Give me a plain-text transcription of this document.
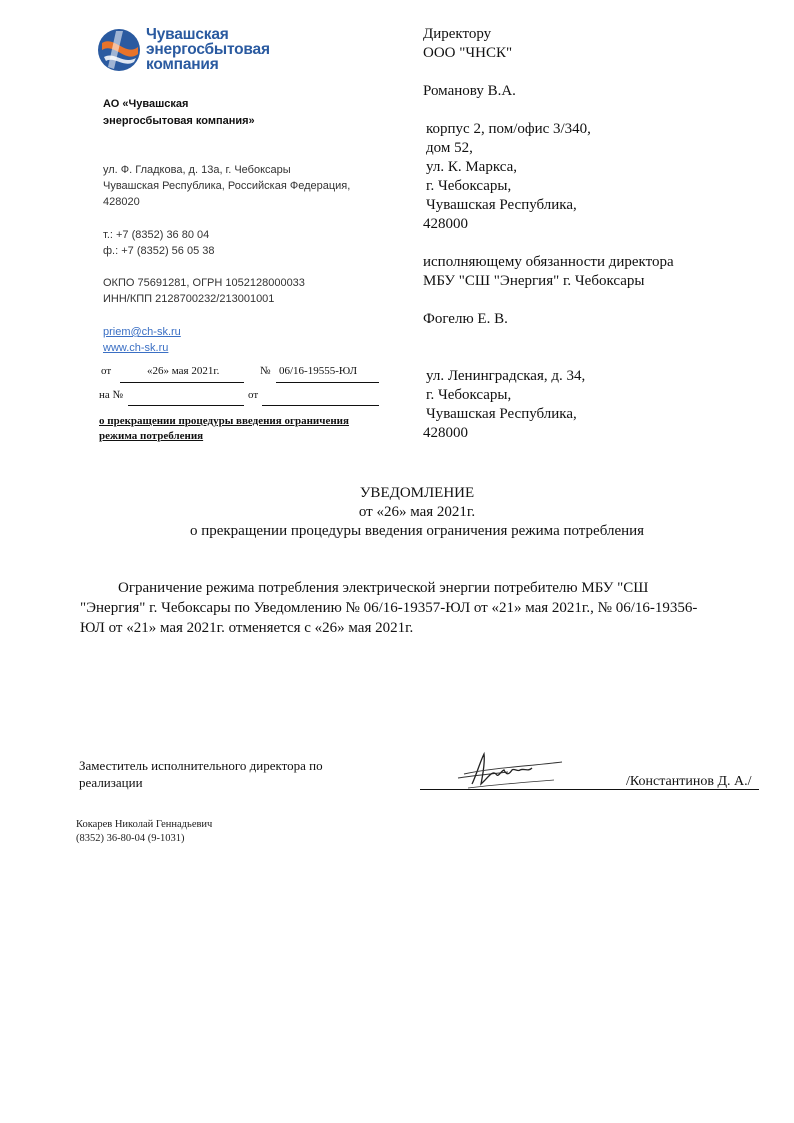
Чувашская
энергосбытовая
компания
АО «Чувашская
энергосбытовая компания»
ул. Ф. Гладкова, д. 13а, г. Чебоксары
Чувашская Республика, Российская Федерация,
428020
т.: +7 (8352) 36 80 04
ф.: +7 (8352) 56 05 38
ОКПО 75691281, ОГРН 1052128000033
ИНН/КПП 2128700232/213001001
priem@ch-sk.ru
www.ch-sk.ru
от	«26» мая 2021г.	№ 06/16-19555-ЮЛ
на №	от
о прекращении процедуры введения ограничения
режима потребления
Директору
ООО "ЧНСК"
Романову В.А.
корпус 2, пом/офис 3/340,
дом 52,
ул. К. Маркса,
г. Чебоксары,
Чувашская Республика,
428000
исполняющему обязанности директора
МБУ "СШ "Энергия" г. Чебоксары
Фогелю Е. В.
ул. Ленинградская, д. 34,
г. Чебоксары,
Чувашская Республика,
428000
УВЕДОМЛЕНИЕ
от «26» мая 2021г.
о прекращении процедуры введения ограничения режима потребления
Ограничение режима потребления электрической энергии потребителю МБУ "СШ
"Энергия" г. Чебоксары по Уведомлению № 06/16-19357-ЮЛ от «21» мая 2021г., № 06/16-19356-
ЮЛ от «21» мая 2021г. отменяется с «26» мая 2021г.
Заместитель исполнительного директора по
реализации	/Константинов Д. А./
Кокарев Николай Геннадьевич
(8352) 36-80-04 (9-1031)
